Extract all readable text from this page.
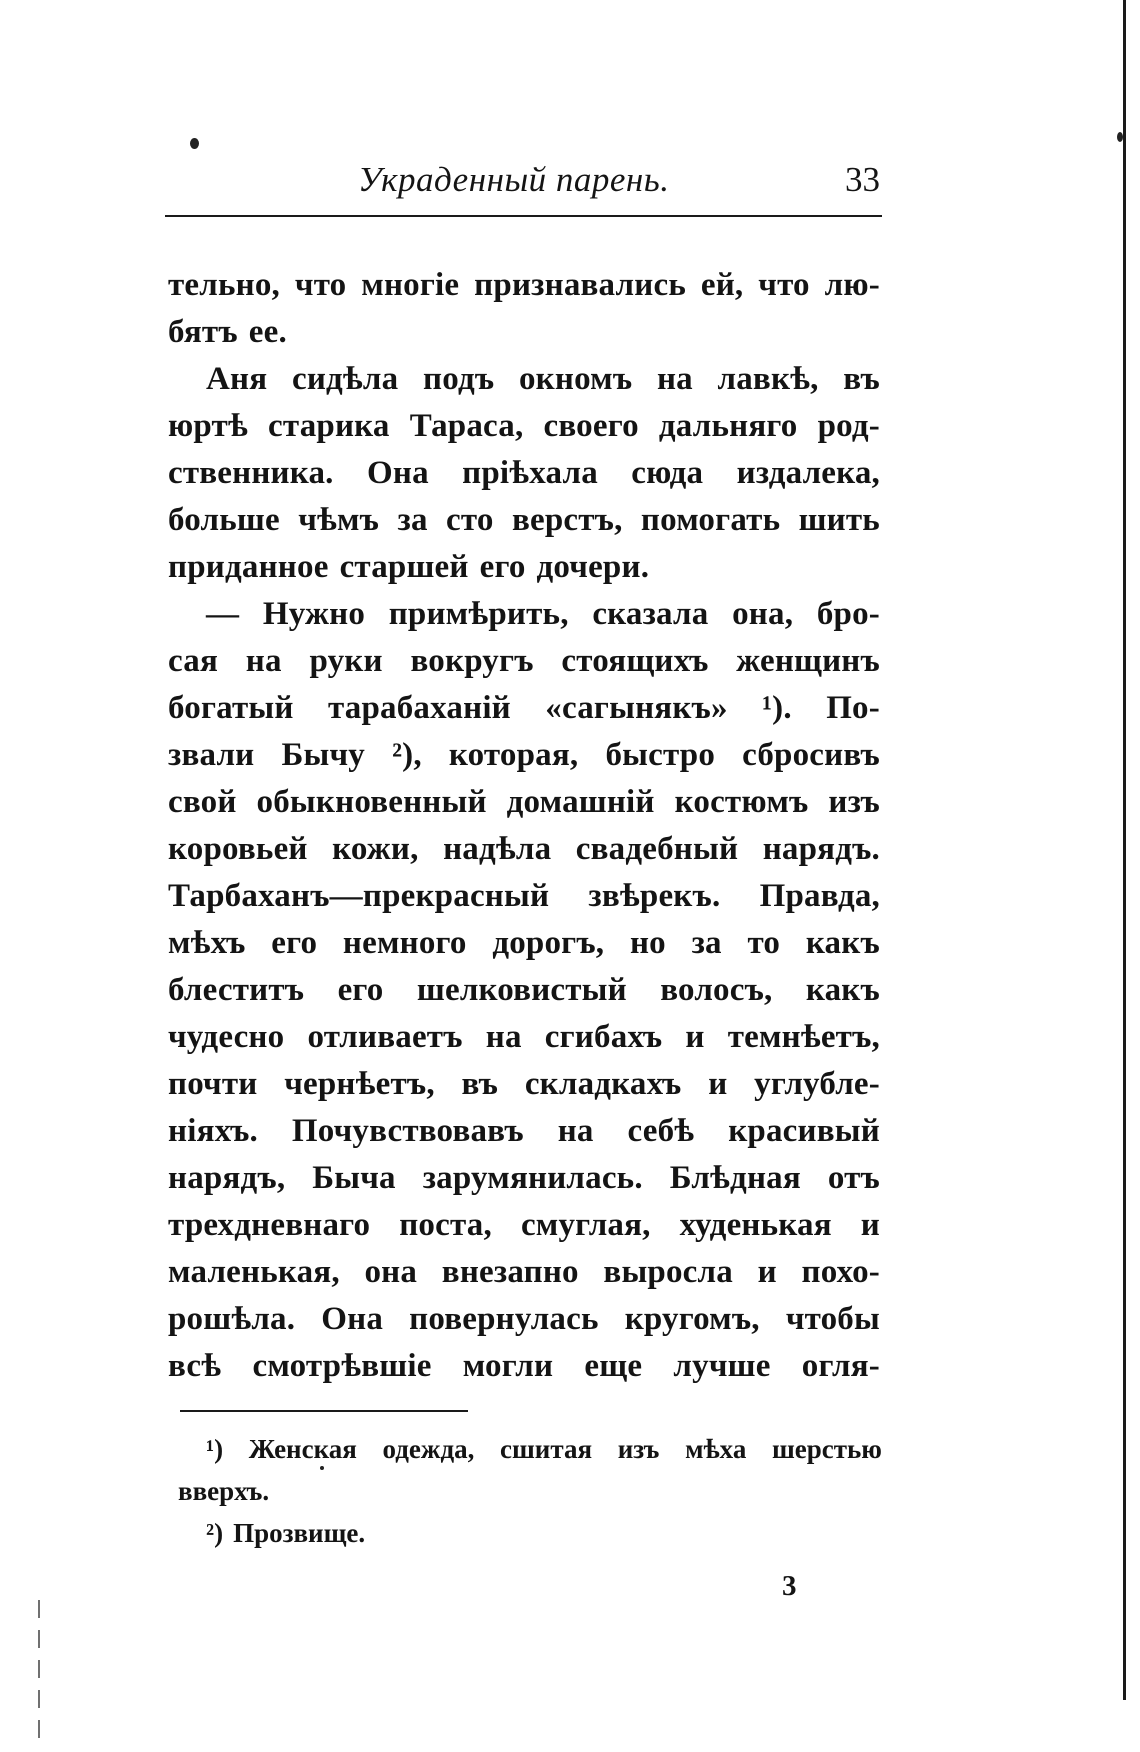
Украденный парень.	33
тельно, что многіе признавались ей, что лю-
бятъ ее.
Аня сидѣла подъ окномъ на лавкѣ, въ
юртѣ старика Тараса, своего дальняго род-
ственника. Она пріѣхала сюда издалека,
больше чѣмъ за сто верстъ, помогать шить
приданное старшей его дочери.
— Нужно примѣрить, сказала она, бро-
сая на руки вокругъ стоящихъ женщинъ
богатый тарабаханій «сагынякъ» ¹). По-
звали Бычу ²), которая, быстро сбросивъ
свой обыкновенный домашній костюмъ изъ
коровьей кожи, надѣла свадебный нарядъ.
Тарбаханъ—прекрасный звѣрекъ. Правда,
мѣхъ его немного дорогъ, но за то какъ
блеститъ его шелковистый волосъ, какъ
чудесно отливаетъ на сгибахъ и темнѣетъ,
почти чернѣетъ, въ складкахъ и углубле-
ніяхъ. Почувствовавъ на себѣ красивый
нарядъ, Быча зарумянилась. Блѣдная отъ
трехдневнаго поста, смуглая, худенькая и
маленькая, она внезапно выросла и похо-
рошѣла. Она повернулась кругомъ, чтобы
всѣ смотрѣвшіе могли еще лучше огля-
¹) Женская одежда, сшитая изъ мѣха шерстью
вверхъ.
²) Прозвище.
3
